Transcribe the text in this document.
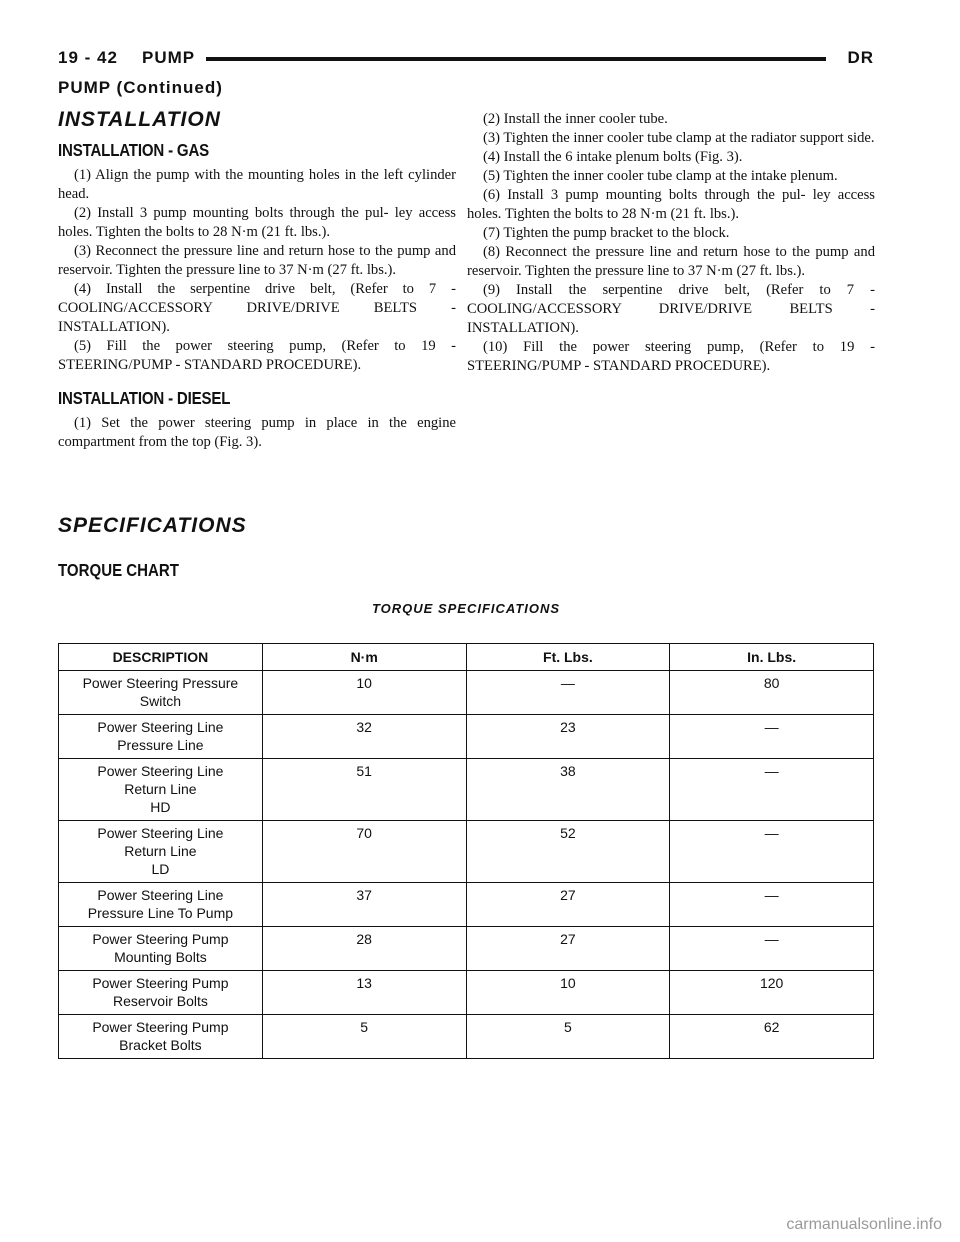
19 - 42 PUMP	DR
PUMP (Continued)
INSTALLATION
INSTALLATION - GAS

(1) Align the pump with the mounting holes in the left cylinder head.

(2) Install 3 pump mounting bolts through the pul- ley access holes. Tighten the bolts to 28 N·m (21 ft. lbs.).

(3) Reconnect the pressure line and return hose to the pump and reservoir. Tighten the pressure line to 37 N·m (27 ft. lbs.).

(4) Install the serpentine drive belt, (Refer to 7 - COOLING/ACCESSORY DRIVE/DRIVE BELTS - INSTALLATION).

(5) Fill the power steering pump, (Refer to 19 - STEERING/PUMP - STANDARD PROCEDURE).

INSTALLATION - DIESEL

(1) Set the power steering pump in place in the engine compartment from the top (Fig. 3).

(2) Install the inner cooler tube.

(3) Tighten the inner cooler tube clamp at the radiator support side.

(4) Install the 6 intake plenum bolts (Fig. 3).

(5) Tighten the inner cooler tube clamp at the intake plenum.

(6) Install 3 pump mounting bolts through the pul- ley access holes. Tighten the bolts to 28 N·m (21 ft. lbs.).

(7) Tighten the pump bracket to the block.

(8) Reconnect the pressure line and return hose to the pump and reservoir. Tighten the pressure line to 37 N·m (27 ft. lbs.).

(9) Install the serpentine drive belt, (Refer to 7 - COOLING/ACCESSORY DRIVE/DRIVE BELTS - INSTALLATION).

(10) Fill the power steering pump, (Refer to 19 - STEERING/PUMP - STANDARD PROCEDURE).

SPECIFICATIONS
TORQUE CHART
TORQUE SPECIFICATIONS
DESCRIPTION	N·m	Ft. Lbs.	In. Lbs.

Power Steering Pressure
Switch	10	—	80

Power Steering Line
Pressure Line	32	23	—

Power Steering Line
Return Line
HD	51	38	—

Power Steering Line
Return Line
LD	70	52	—

Power Steering Line
Pressure Line To Pump	37	27	—

Power Steering Pump
Mounting Bolts	28	27	—

Power Steering Pump
Reservoir Bolts	13	10	120

Power Steering Pump
Bracket Bolts	5	5	62
carmanualsonline.info
